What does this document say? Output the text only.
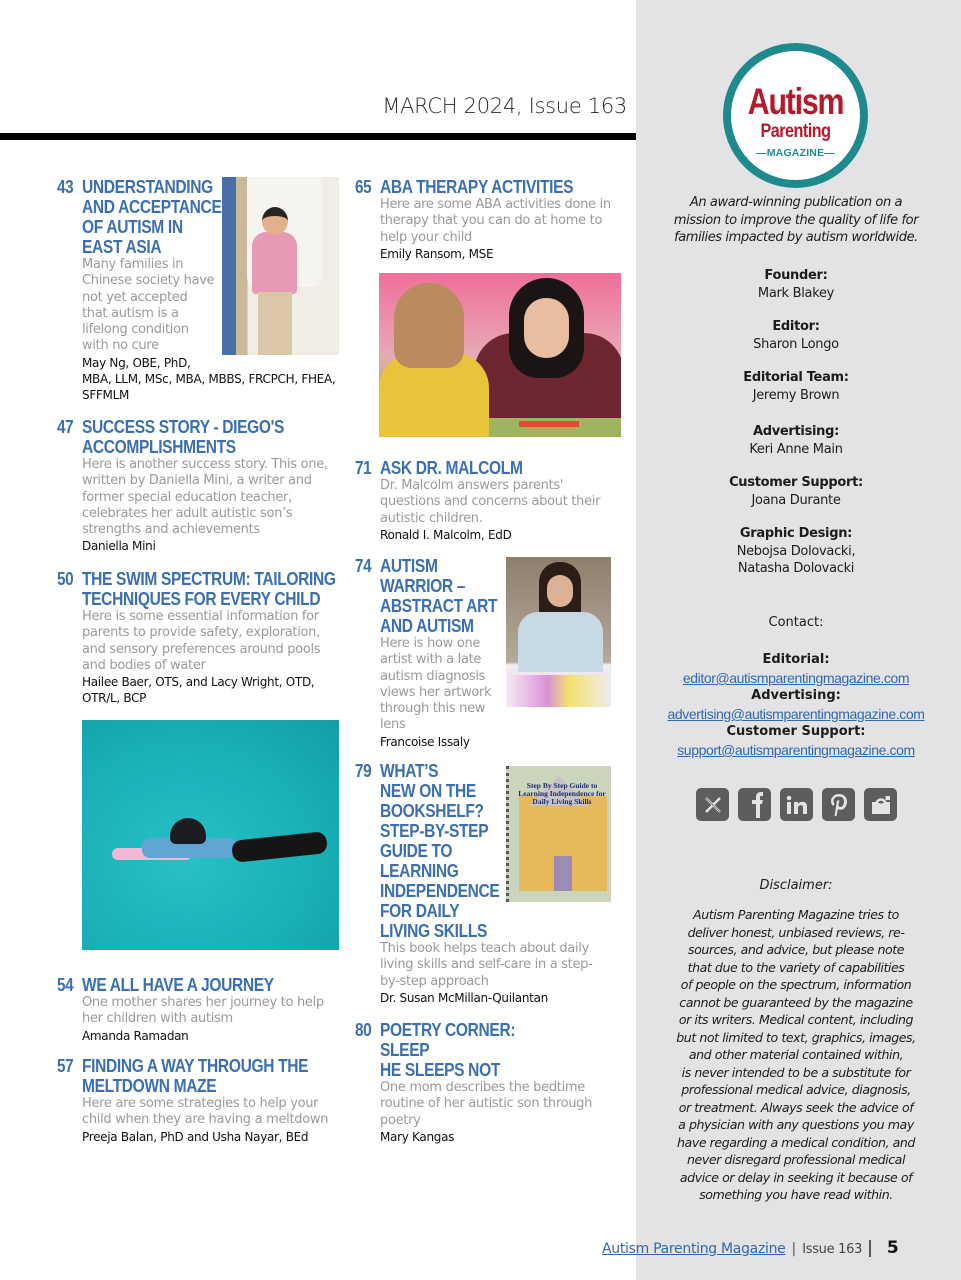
MARCH 2024, Issue 163
43 UNDERSTANDING
AND ACCEPTANCE
OF AUTISM IN
EAST ASIA
Many families in
Chinese society have
not yet accepted
that autism is a
lifelong condition
with no cure
May Ng, OBE, PhD,
MBA, LLM, MSc, MBA, MBBS, FRCPCH, FHEA,
SFFMLM
47 SUCCESS STORY - DIEGO'S
ACCOMPLISHMENTS
Here is another success story. This one,
written by Daniella Mini, a writer and
former special education teacher,
celebrates her adult autistic son’s
strengths and achievements
Daniella Mini
50 THE SWIM SPECTRUM: TAILORING
TECHNIQUES FOR EVERY CHILD
Here is some essential information for
parents to provide safety, exploration,
and sensory preferences around pools
and bodies of water
Hailee Baer, OTS, and Lacy Wright, OTD,
OTR/L, BCP
54 WE ALL HAVE A JOURNEY
One mother shares her journey to help
her children with autism
Amanda Ramadan
57 FINDING A WAY THROUGH THE
MELTDOWN MAZE
Here are some strategies to help your
child when they are having a meltdown
Preeja Balan, PhD and Usha Nayar, BEd
65 ABA THERAPY ACTIVITIES
Here are some ABA activities done in
therapy that you can do at home to
help your child
Emily Ransom, MSE
71 ASK DR. MALCOLM
Dr. Malcolm answers parents'
questions and concerns about their
autistic children.
Ronald I. Malcolm, EdD
74 AUTISM
WARRIOR –
ABSTRACT ART
AND AUTISM
Here is how one
artist with a late
autism diagnosis
views her artwork
through this new
lens
Francoise Issaly
79 WHAT’S
NEW ON THE
BOOKSHELF?
STEP-BY-STEP
GUIDE TO
LEARNING
INDEPENDENCE
FOR DAILY
LIVING SKILLS
This book helps teach about daily
living skills and self-care in a step-
by-step approach
Dr. Susan McMillan-Quilantan
Step By Step Guide to Learning Independence for Daily Living Skills
80 POETRY CORNER:
SLEEP
HE SLEEPS NOT
One mom describes the bedtime
routine of her autistic son through
poetry
Mary Kangas
Autism
Parenting
—MAGAZINE—
An award-winning publication on a
mission to improve the quality of life for
families impacted by autism worldwide.
Founder:
Mark Blakey
Editor:
Sharon Longo
Editorial Team:
Jeremy Brown
Advertising:
Keri Anne Main
Customer Support:
Joana Durante
Graphic Design:
Nebojsa Dolovacki,
Natasha Dolovacki
Contact:
Editorial:
editor@autismparentingmagazine.com
Advertising:
advertising@autismparentingmagazine.com
Customer Support:
support@autismparentingmagazine.com
Disclaimer:
Autism Parenting Magazine tries to
deliver honest, unbiased reviews, re-
sources, and advice, but please note
that due to the variety of capabilities
of people on the spectrum, information
cannot be guaranteed by the magazine
or its writers. Medical content, including
but not limited to text, graphics, images,
and other material contained within,
is never intended to be a substitute for
professional medical advice, diagnosis,
or treatment. Always seek the advice of
a physician with any questions you may
have regarding a medical condition, and
never disregard professional medical
advice or delay in seeking it because of
something you have read within.
Autism Parenting Magazine | Issue 163 | 5
